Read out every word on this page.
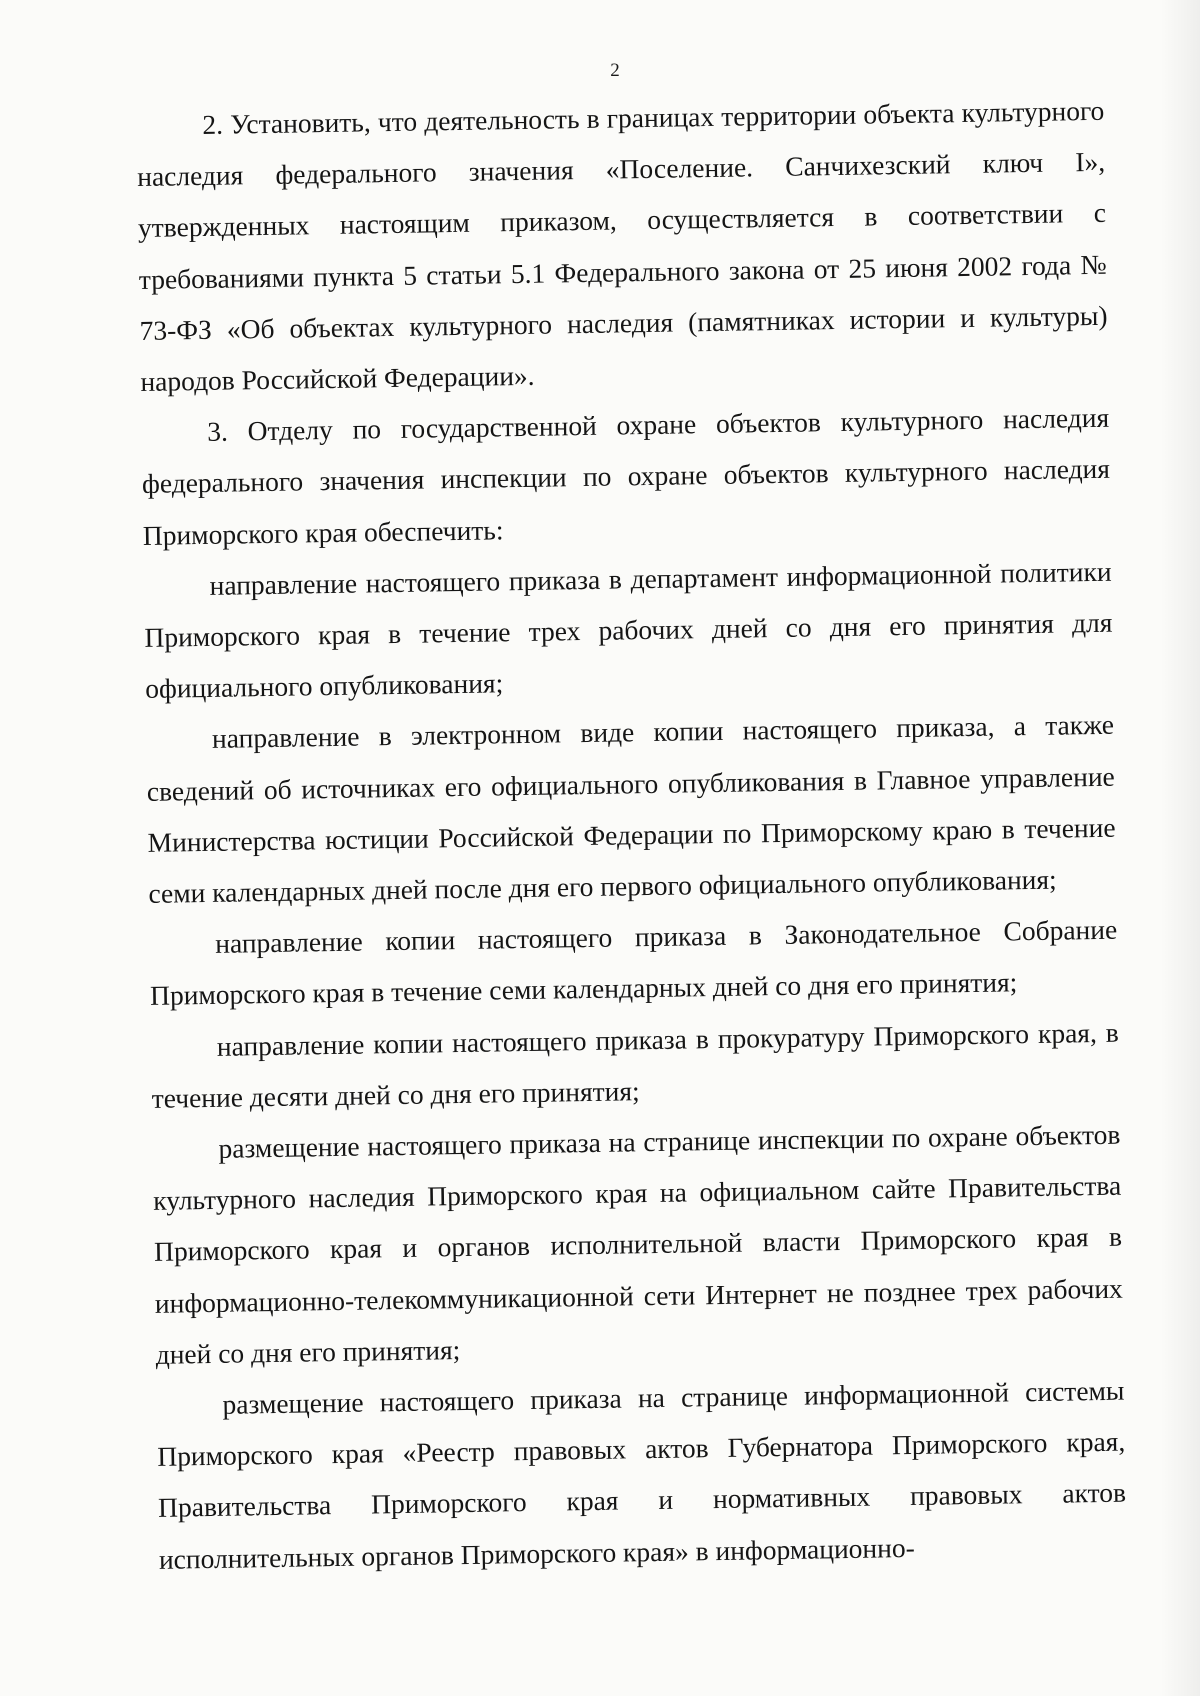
2

2. Установить, что деятельность в границах территории объекта культурного наследия федерального значения «Поселение. Санчихезский ключ I», утвержденных настоящим приказом, осуществляется в соответствии с требованиями пункта 5 статьи 5.1 Федерального закона от 25 июня 2002 года № 73-ФЗ «Об объектах культурного наследия (памятниках истории и культуры) народов Российской Федерации».

3. Отделу по государственной охране объектов культурного наследия федерального значения инспекции по охране объектов культурного наследия Приморского края обеспечить:

направление настоящего приказа в департамент информационной политики Приморского края в течение трех рабочих дней со дня его принятия для официального опубликования;

направление в электронном виде копии настоящего приказа, а также сведений об источниках его официального опубликования в Главное управление Министерства юстиции Российской Федерации по Приморскому краю в течение семи календарных дней после дня его первого официального опубликования;

направление копии настоящего приказа в Законодательное Собрание Приморского края в течение семи календарных дней со дня его принятия;

направление копии настоящего приказа в прокуратуру Приморского края, в течение десяти дней со дня его принятия;

размещение настоящего приказа на странице инспекции по охране объектов культурного наследия Приморского края на официальном сайте Правительства Приморского края и органов исполнительной власти Приморского края в информационно-телекоммуникационной сети Интернет не позднее трех рабочих дней со дня его принятия;

размещение настоящего приказа на странице информационной системы Приморского края «Реестр правовых актов Губернатора Приморского края, Правительства Приморского края и нормативных правовых актов исполнительных органов Приморского края» в информационно-
